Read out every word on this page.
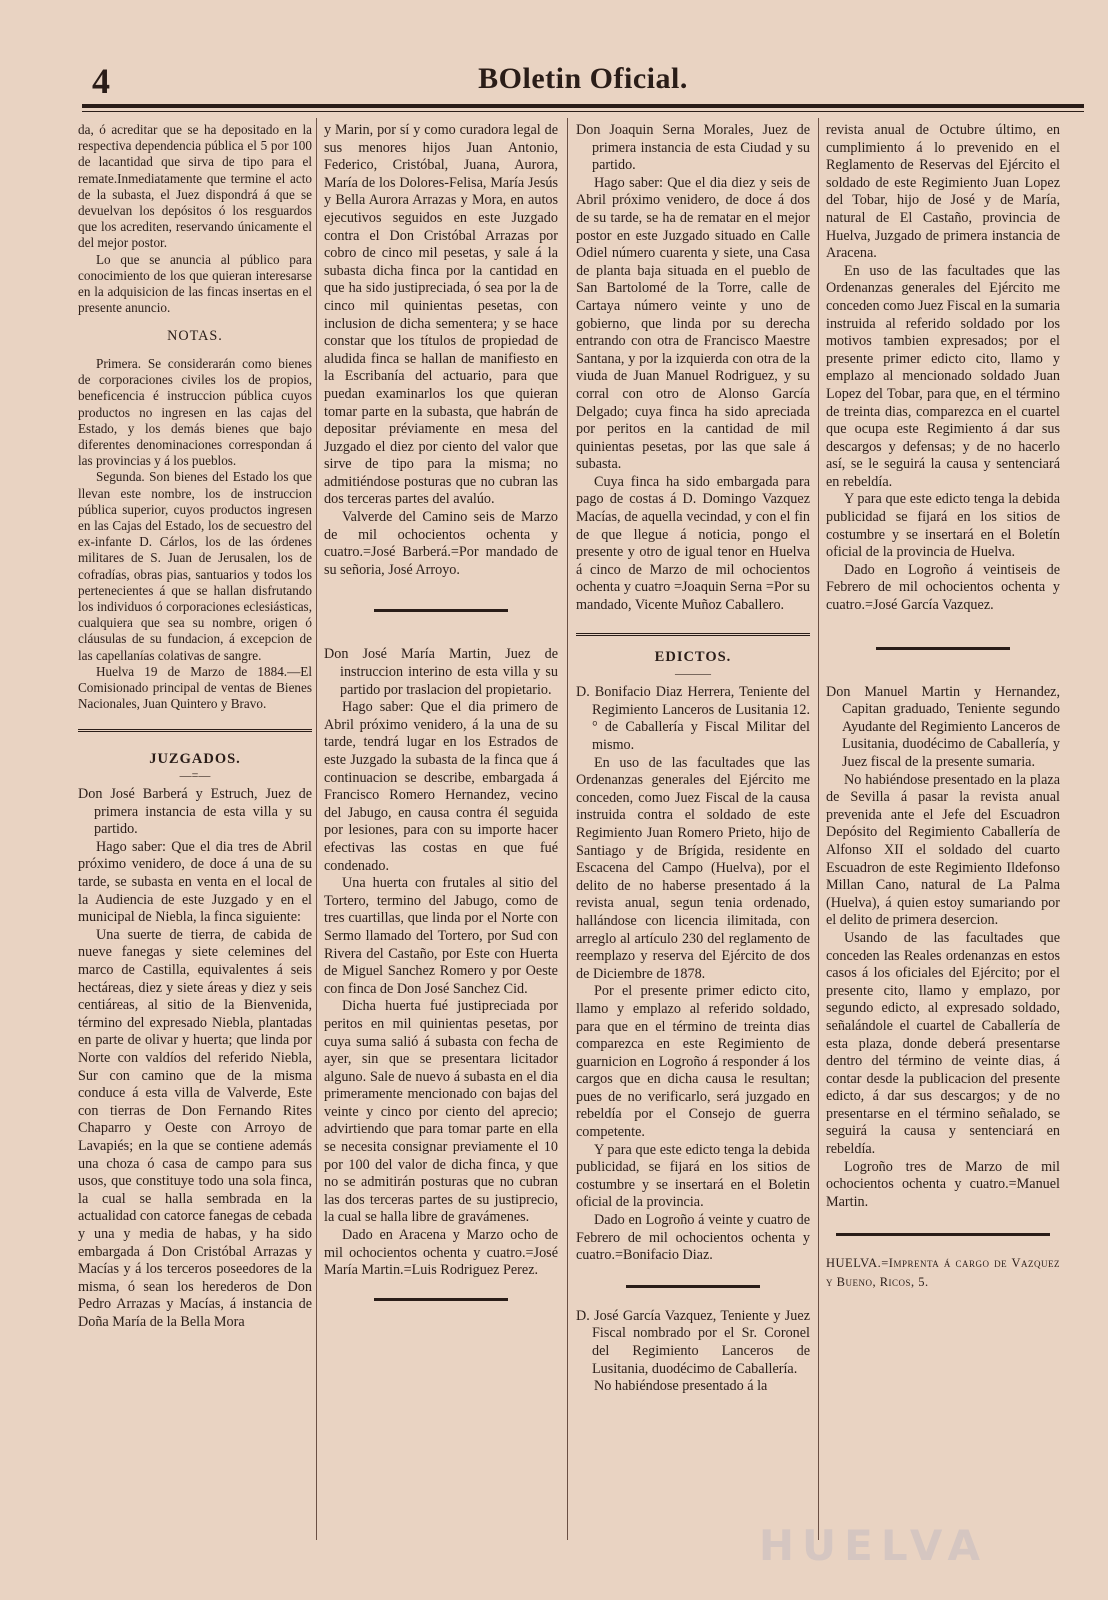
4	BOletin Oficial.

da, ó acreditar que se ha depositado en la respectiva dependencia pública el 5 por 100 de lacantidad que sirva de tipo para el remate.Inmediatamente que termine el acto de la subasta, el Juez dispondrá á que se devuelvan los depósitos ó los resguardos que los acrediten, reservando únicamente el del mejor postor.

Lo que se anuncia al público para conocimiento de los que quieran interesarse en la adquisicion de las fincas insertas en el presente anuncio.

NOTAS.

Primera. Se considerarán como bienes de corporaciones civiles los de propios, beneficencia é instruccion pública cuyos productos no ingresen en las cajas del Estado, y los demás bienes que bajo diferentes denominaciones correspondan á las provincias y á los pueblos.

Segunda. Son bienes del Estado los que llevan este nombre, los de instruccion pública superior, cuyos productos ingresen en las Cajas del Estado, los de secuestro del ex-infante D. Cárlos, los de las órdenes militares de S. Juan de Jerusalen, los de cofradías, obras pias, santuarios y todos los pertenecientes á que se hallan disfrutando los individuos ó corporaciones eclesiásticas, cualquiera que sea su nombre, origen ó cláusulas de su fundacion, á excepcion de las capellanías colativas de sangre.

Huelva 19 de Marzo de 1884.—El Comisionado principal de ventas de Bienes Nacionales, Juan Quintero y Bravo.

JUZGADOS.
—=—

Don José Barberá y Estruch, Juez de primera instancia de esta villa y su partido.

Hago saber: Que el dia tres de Abril próximo venidero, de doce á una de su tarde, se subasta en venta en el local de la Audiencia de este Juzgado y en el municipal de Niebla, la finca siguiente:

Una suerte de tierra, de cabida de nueve fanegas y siete celemines del marco de Castilla, equivalentes á seis hectáreas, diez y siete áreas y diez y seis centiáreas, al sitio de la Bienvenida, término del expresado Niebla, plantadas en parte de olivar y huerta; que linda por Norte con valdíos del referido Niebla, Sur con camino que de la misma conduce á esta villa de Valverde, Este con tierras de Don Fernando Rites Chaparro y Oeste con Arroyo de Lavapiés; en la que se contiene además una choza ó casa de campo para sus usos, que constituye todo una sola finca, la cual se halla sembrada en la actualidad con catorce fanegas de cebada y una y media de habas, y ha sido embargada á Don Cristóbal Arrazas y Macías y á los terceros poseedores de la misma, ó sean los herederos de Don Pedro Arrazas y Macías, á instancia de Doña María de la Bella Mora

y Marin, por sí y como curadora legal de sus menores hijos Juan Antonio, Federico, Cristóbal, Juana, Aurora, María de los Dolores-Felisa, María Jesús y Bella Aurora Arrazas y Mora, en autos ejecutivos seguidos en este Juzgado contra el Don Cristóbal Arrazas por cobro de cinco mil pesetas, y sale á la subasta dicha finca por la cantidad en que ha sido justipreciada, ó sea por la de cinco mil quinientas pesetas, con inclusion de dicha sementera; y se hace constar que los títulos de propiedad de aludida finca se hallan de manifiesto en la Escribanía del actuario, para que puedan examinarlos los que quieran tomar parte en la subasta, que habrán de depositar préviamente en mesa del Juzgado el diez por ciento del valor que sirve de tipo para la misma; no admitiéndose posturas que no cubran las dos terceras partes del avalúo.

Valverde del Camino seis de Marzo de mil ochocientos ochenta y cuatro.=José Barberá.=Por mandado de su señoria, José Arroyo.

Don José María Martin, Juez de instruccion interino de esta villa y su partido por traslacion del propietario.

Hago saber: Que el dia primero de Abril próximo venidero, á la una de su tarde, tendrá lugar en los Estrados de este Juzgado la subasta de la finca que á continuacion se describe, embargada á Francisco Romero Hernandez, vecino del Jabugo, en causa contra él seguida por lesiones, para con su importe hacer efectivas las costas en que fué condenado.

Una huerta con frutales al sitio del Tortero, termino del Jabugo, como de tres cuartillas, que linda por el Norte con Sermo llamado del Tortero, por Sud con Rivera del Castaño, por Este con Huerta de Miguel Sanchez Romero y por Oeste con finca de Don José Sanchez Cid.

Dicha huerta fué justipreciada por peritos en mil quinientas pesetas, por cuya suma salió á subasta con fecha de ayer, sin que se presentara licitador alguno. Sale de nuevo á subasta en el dia primeramente mencionado con bajas del veinte y cinco por ciento del aprecio; advirtiendo que para tomar parte en ella se necesita consignar previamente el 10 por 100 del valor de dicha finca, y que no se admitirán posturas que no cubran las dos terceras partes de su justiprecio, la cual se halla libre de gravámenes.

Dado en Aracena y Marzo ocho de mil ochocientos ochenta y cuatro.=José María Martin.=Luis Rodriguez Perez.

Don Joaquin Serna Morales, Juez de primera instancia de esta Ciudad y su partido.

Hago saber: Que el dia diez y seis de Abril próximo venidero, de doce á dos de su tarde, se ha de rematar en el mejor postor en este Juzgado situado en Calle Odiel número cuarenta y siete, una Casa de planta baja situada en el pueblo de San Bartolomé de la Torre, calle de Cartaya número veinte y uno de gobierno, que linda por su derecha entrando con otra de Francisco Maestre Santana, y por la izquierda con otra de la viuda de Juan Manuel Rodriguez, y su corral con otro de Alonso García Delgado; cuya finca ha sido apreciada por peritos en la cantidad de mil quinientas pesetas, por las que sale á subasta.

Cuya finca ha sido embargada para pago de costas á D. Domingo Vazquez Macías, de aquella vecindad, y con el fin de que llegue á noticia, pongo el presente y otro de igual tenor en Huelva á cinco de Marzo de mil ochocientos ochenta y cuatro =Joaquin Serna =Por su mandado, Vicente Muñoz Caballero.

EDICTOS.
———

D. Bonifacio Diaz Herrera, Teniente del Regimiento Lanceros de Lusitania 12.° de Caballería y Fiscal Militar del mismo.

En uso de las facultades que las Ordenanzas generales del Ejército me conceden, como Juez Fiscal de la causa instruida contra el soldado de este Regimiento Juan Romero Prieto, hijo de Santiago y de Brígida, residente en Escacena del Campo (Huelva), por el delito de no haberse presentado á la revista anual, segun tenia ordenado, hallándose con licencia ilimitada, con arreglo al artículo 230 del reglamento de reemplazo y reserva del Ejército de dos de Diciembre de 1878.

Por el presente primer edicto cito, llamo y emplazo al referido soldado, para que en el término de treinta dias comparezca en este Regimiento de guarnicion en Logroño á responder á los cargos que en dicha causa le resultan; pues de no verificarlo, será juzgado en rebeldía por el Consejo de guerra competente.

Y para que este edicto tenga la debida publicidad, se fijará en los sitios de costumbre y se insertará en el Boletin oficial de la provincia.

Dado en Logroño á veinte y cuatro de Febrero de mil ochocientos ochenta y cuatro.=Bonifacio Diaz.

D. José García Vazquez, Teniente y Juez Fiscal nombrado por el Sr. Coronel del Regimiento Lanceros de Lusitania, duodécimo de Caballería.

No habiéndose presentado á la

revista anual de Octubre último, en cumplimiento á lo prevenido en el Reglamento de Reservas del Ejército el soldado de este Regimiento Juan Lopez del Tobar, hijo de José y de María, natural de El Castaño, provincia de Huelva, Juzgado de primera instancia de Aracena.

En uso de las facultades que las Ordenanzas generales del Ejército me conceden como Juez Fiscal en la sumaria instruida al referido soldado por los motivos tambien expresados; por el presente primer edicto cito, llamo y emplazo al mencionado soldado Juan Lopez del Tobar, para que, en el término de treinta dias, comparezca en el cuartel que ocupa este Regimiento á dar sus descargos y defensas; y de no hacerlo así, se le seguirá la causa y sentenciará en rebeldía.

Y para que este edicto tenga la debida publicidad se fijará en los sitios de costumbre y se insertará en el Boletín oficial de la provincia de Huelva.

Dado en Logroño á veintiseis de Febrero de mil ochocientos ochenta y cuatro.=José García Vazquez.

Don Manuel Martin y Hernandez, Capitan graduado, Teniente segundo Ayudante del Regimiento Lanceros de Lusitania, duodécimo de Caballería, y Juez fiscal de la presente sumaria.

No habiéndose presentado en la plaza de Sevilla á pasar la revista anual prevenida ante el Jefe del Escuadron Depósito del Regimiento Caballería de Alfonso XII el soldado del cuarto Escuadron de este Regimiento Ildefonso Millan Cano, natural de La Palma (Huelva), á quien estoy sumariando por el delito de primera desercion.

Usando de las facultades que conceden las Reales ordenanzas en estos casos á los oficiales del Ejército; por el presente cito, llamo y emplazo, por segundo edicto, al expresado soldado, señalándole el cuartel de Caballería de esta plaza, donde deberá presentarse dentro del término de veinte dias, á contar desde la publicacion del presente edicto, á dar sus descargos; y de no presentarse en el término señalado, se seguirá la causa y sentenciará en rebeldía.

Logroño tres de Marzo de mil ochocientos ochenta y cuatro.=Manuel Martin.

HUELVA.=Imprenta á cargo de Vazquez y Bueno, Ricos, 5.

HUELVA
